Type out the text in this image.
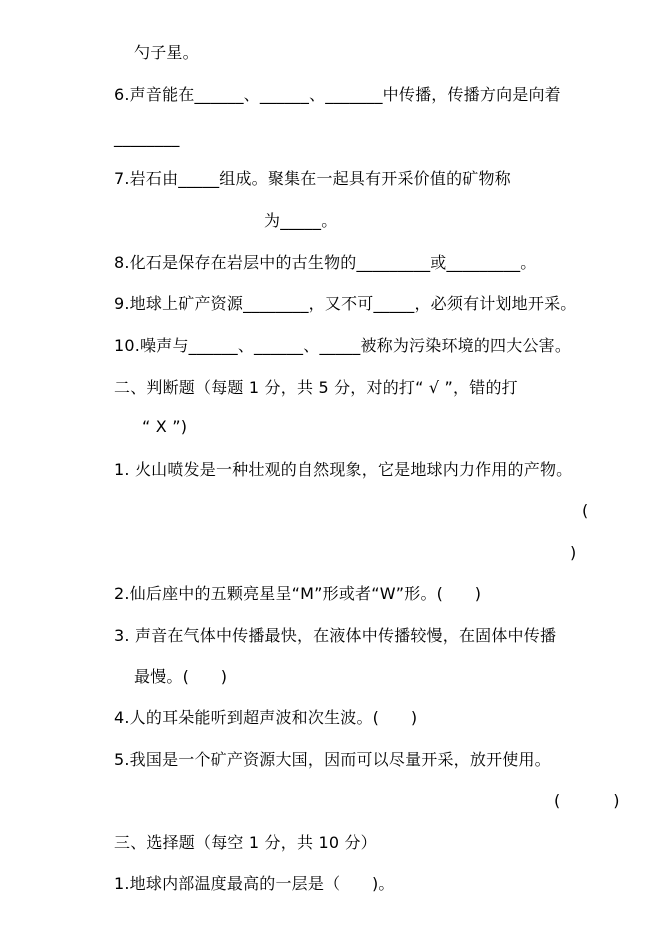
勺子星。
6.声音能在______、______、_______中传播，传播方向是向着
________
7.岩石由_____组成。聚集在一起具有开采价值的矿物称
为_____。
8.化石是保存在岩层中的古生物的_________或_________。
9.地球上矿产资源________，又不可_____，必须有计划地开采。
10.噪声与______、______、_____被称为污染环境的四大公害。
二、判断题（每题 1 分，共 5 分，对的打“ √ ”，错的打
“ X ”)
1. 火山喷发是一种壮观的自然现象，它是地球内力作用的产物。
(
)
2.仙后座中的五颗亮星呈“M”形或者“W”形。(      )
3. 声音在气体中传播最快，在液体中传播较慢，在固体中传播
最慢。(      )
4.人的耳朵能听到超声波和次生波。(      )
5.我国是一个矿产资源大国，因而可以尽量开采，放开使用。
(          )
三、选择题（每空 1 分，共 10 分）
1.地球内部温度最高的一层是（      )。
